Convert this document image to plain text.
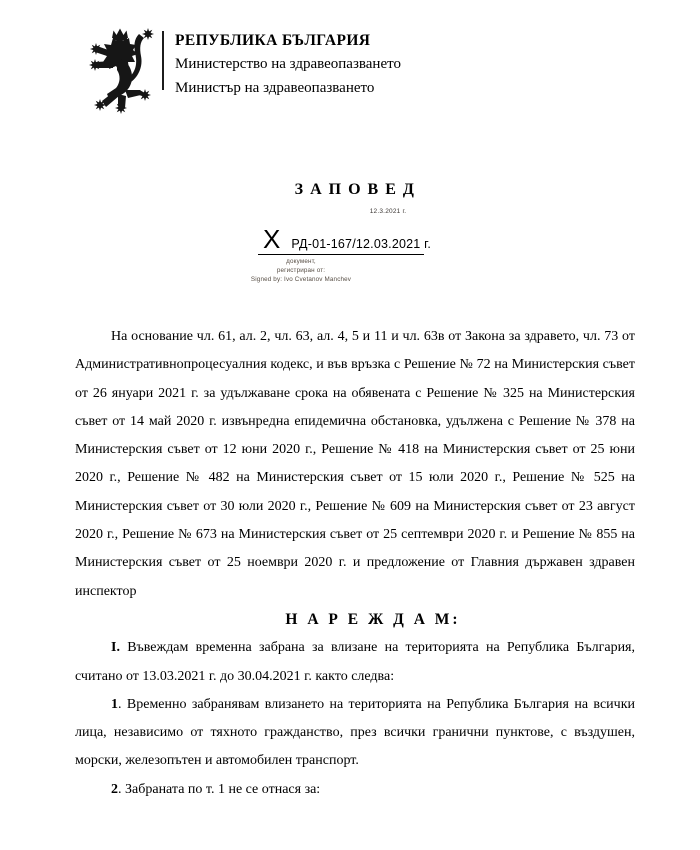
РЕПУБЛИКА БЪЛГАРИЯ
Министерство на здравеопазването
Министър на здравеопазването
З А П О В Е Д
12.3.2021 г.
X РД-01-167/12.03.2021 г.
документ,
регистриран от:
Signed by: Ivo Cvetanov Manchev

На основание чл. 61, ал. 2, чл. 63, ал. 4, 5 и 11 и чл. 63в от Закона за здравето, чл. 73 от Административнопроцесуалния кодекс, и във връзка с Решение № 72 на Министерския съвет от 26 януари 2021 г. за удължаване срока на обявената с Решение № 325 на Министерския съвет от 14 май 2020 г. извънредна епидемична обстановка, удължена с Решение № 378 на Министерския съвет от 12 юни 2020 г., Решение № 418 на Министерския съвет от 25 юни 2020 г., Решение № 482 на Министерския съвет от 15 юли 2020 г., Решение № 525 на Министерския съвет от 30 юли 2020 г., Решение № 609 на Министерския съвет от 23 август 2020 г., Решение № 673 на Министерския съвет от 25 септември 2020 г. и Решение № 855 на Министерския съвет от 25 ноември 2020 г. и предложение от Главния държавен здравен инспектор

Н А Р Е Ж Д А М:

I. Въвеждам временна забрана за влизане на територията на Република България, считано от 13.03.2021 г. до 30.04.2021 г. както следва:

1. Временно забранявам влизането на територията на Република България на всички лица, независимо от тяхното гражданство, през всички гранични пунктове, с въздушен, морски, железопътен и автомобилен транспорт.

2. Забраната по т. 1 не се отнася за:
